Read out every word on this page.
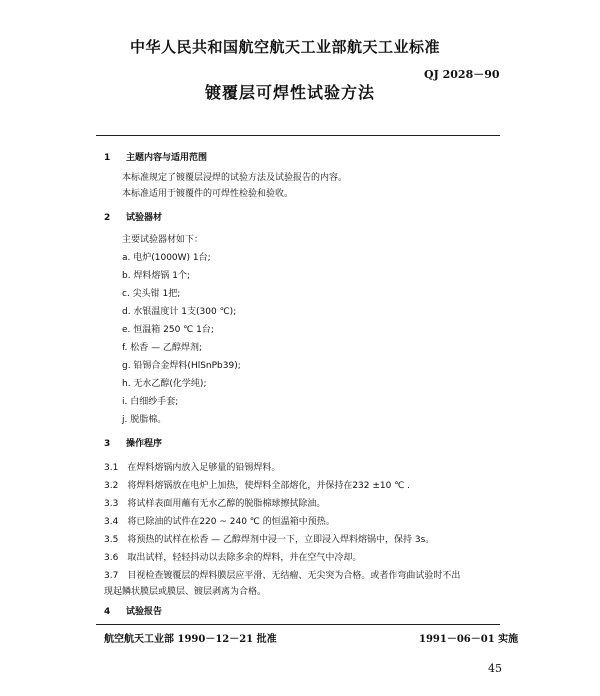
中华人民共和国航空航天工业部航天工业标准
QJ 2028－90
镀覆层可焊性试验方法
1 主题内容与适用范围
本标准规定了镀覆层浸焊的试验方法及试验报告的内容。
本标准适用于镀覆件的可焊性检验和验收。
2 试验器材
主要试验器材如下：
a. 电炉(1000W) 1台;
b. 焊料熔锅 1个;
c. 尖头钳 1把;
d. 水银温度计 1支(300 ℃);
e. 恒温箱 250 ℃ 1台;
f. 松香 — 乙醇焊剂;
g. 铅锡合金焊料(HlSnPb39);
h. 无水乙醇(化学纯);
i. 白细纱手套;
j. 脱脂棉。
3 操作程序
3.1　在焊料熔锅内放入足够量的铅锡焊料。
3.2　将焊料熔锅放在电炉上加热，使焊料全部熔化，并保持在232 ±10 ℃ .
3.3　将试样表面用蘸有无水乙醇的脱脂棉球擦拭除油。
3.4　将已除油的试件在220 ~ 240 ℃ 的恒温箱中预热。
3.5　将预热的试样在松香 — 乙醇焊剂中浸一下，立即浸入焊料熔锅中，保持 3s。
3.6　取出试样，轻轻抖动以去除多余的焊料，并在空气中冷却。
3.7　目视检查镀覆层的焊料膜层应平滑、无结瘤、无尖突为合格。或者作弯曲试验时不出
现起鳞状膜层或膜层、镀层剥离为合格。
4 试验报告
航空航天工业部 1990－12－21 批准	1991－06－01 实施
45
